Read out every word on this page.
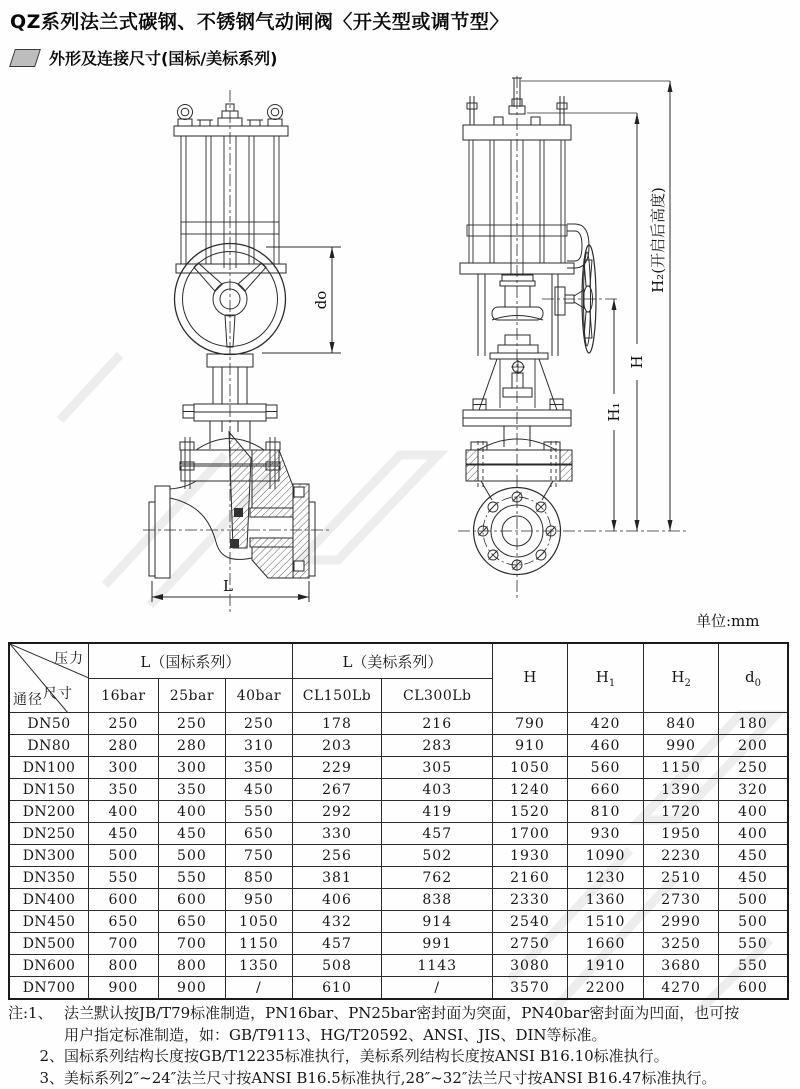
QZ系列法兰式碳钢、不锈钢气动闸阀〈开关型或调节型〉
外形及连接尺寸(国标/美标系列)
L
do
H₁
H
H₂(开启后高度)
单位:mm
压力
尺寸
通径	L（国标系列）			L（美标系列）		H	$H_1$	$H_2$	$d_0$
	16bar	25bar	40bar	CL150Lb	CL300Lb				
DN50	250	250	250	178	216	790	420	840	180
DN80	280	280	310	203	283	910	460	990	200
DN100	300	300	350	229	305	1050	560	1150	250
DN150	350	350	450	267	403	1240	660	1390	320
DN200	400	400	550	292	419	1520	810	1720	400
DN250	450	450	650	330	457	1700	930	1950	400
DN300	500	500	750	256	502	1930	1090	2230	450
DN350	550	550	850	381	762	2160	1230	2510	450
DN400	600	600	950	406	838	2330	1360	2730	500
DN450	650	650	1050	432	914	2540	1510	2990	500
DN500	700	700	1150	457	991	2750	1660	3250	550
DN600	800	800	1350	508	1143	3080	1910	3680	550
DN700	900	900	/	610	/	3570	2200	4270	600
注:1、 法兰默认按JB/T79标准制造，PN16bar、PN25bar密封面为突面，PN40bar密封面为凹面，也可按
用户指定标准制造，如：GB/T9113、HG/T20592、ANSI、JIS、DIN等标准。
2、 国标系列结构长度按GB/T12235标准执行，美标系列结构长度按ANSI B16.10标准执行。
3、 美标系列2″~24″法兰尺寸按ANSI B16.5标准执行,28″~32″法兰尺寸按ANSI B16.47标准执行。
